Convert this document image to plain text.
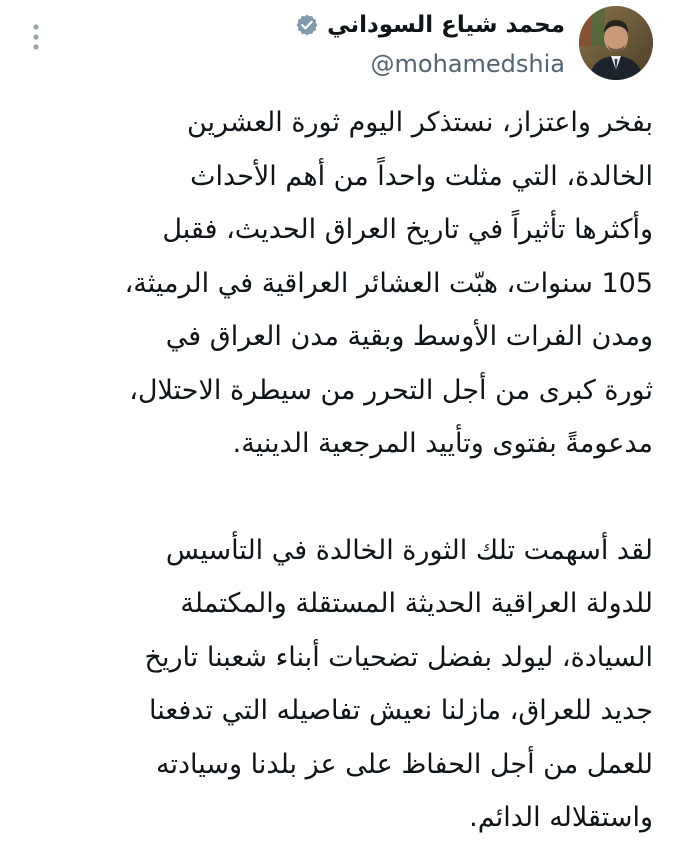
محمد شياع السوداني
@mohamedshia

بفخر واعتزاز، نستذكر اليوم ثورة العشرين
الخالدة، التي مثلت واحداً من أهم الأحداث
وأكثرها تأثيراً في تاريخ العراق الحديث، فقبل
105 سنوات، هبّت العشائر العراقية في الرميثة،
ومدن الفرات الأوسط وبقية مدن العراق في
ثورة كبرى من أجل التحرر من سيطرة الاحتلال،
مدعومةً بفتوى وتأييد المرجعية الدينية.

لقد أسهمت تلك الثورة الخالدة في التأسيس
للدولة العراقية الحديثة المستقلة والمكتملة
السيادة، ليولد بفضل تضحيات أبناء شعبنا تاريخ
جديد للعراق، مازلنا نعيش تفاصيله التي تدفعنا
للعمل من أجل الحفاظ على عز بلدنا وسيادته
واستقلاله الدائم.
